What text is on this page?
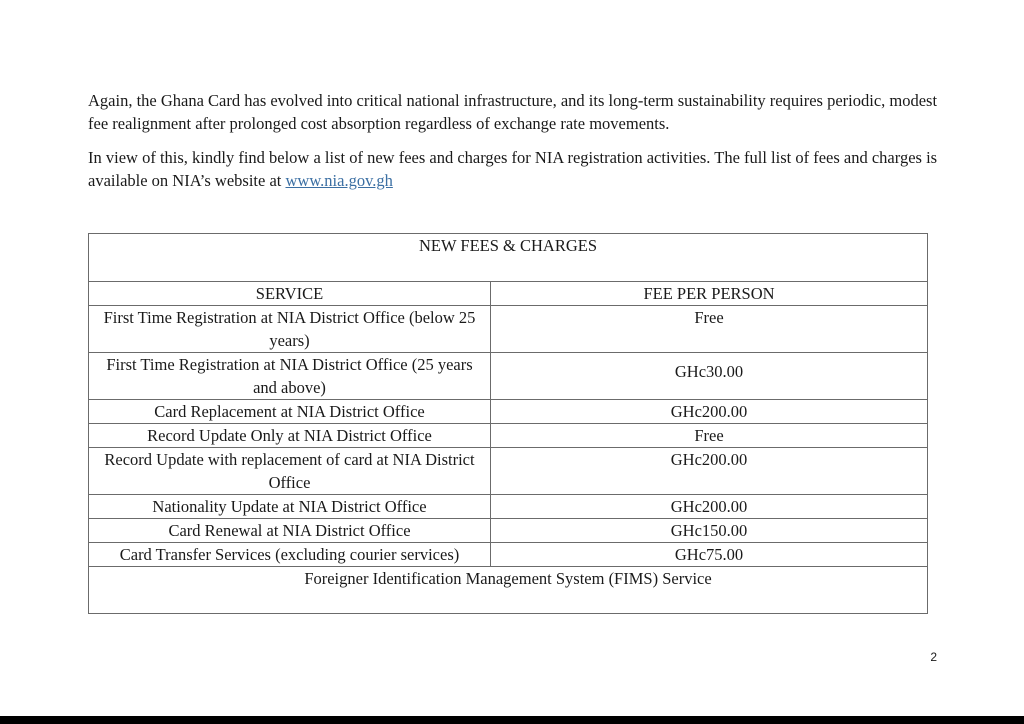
Again, the Ghana Card has evolved into critical national infrastructure, and its long-term sustainability requires periodic, modest fee realignment after prolonged cost absorption regardless of exchange rate movements.

In view of this, kindly find below a list of new fees and charges for NIA registration activities. The full list of fees and charges is available on NIA’s website at www.nia.gov.gh

NEW FEES & CHARGES	
SERVICE	FEE PER PERSON
First Time Registration at NIA District Office (below 25 years)	Free
First Time Registration at NIA District Office (25 years and above)	GHc30.00
Card Replacement at NIA District Office	GHc200.00
Record Update Only at NIA District Office	Free
Record Update with replacement of card at NIA District Office	GHc200.00
Nationality Update at NIA District Office	GHc200.00
Card Renewal at NIA District Office	GHc150.00
Card Transfer Services (excluding courier services)	GHc75.00
Foreigner Identification Management System (FIMS) Service	
2
